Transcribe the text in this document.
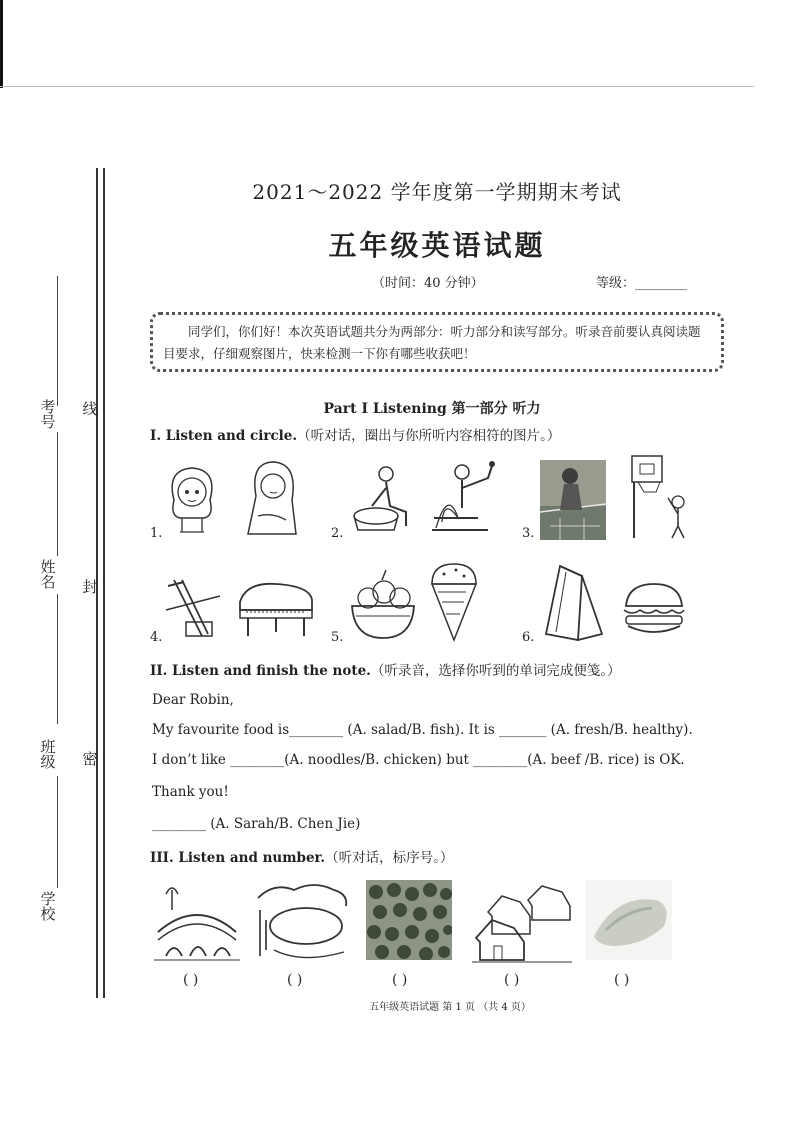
考号
姓名
班级
学校
线
封
密
2021～2022 学年度第一学期期末考试
五年级英语试题
（时间：40 分钟）	等级：________

同学们，你们好！本次英语试题共分为两部分：听力部分和读写部分。听录音前要认真阅读题目要求，仔细观察图片，快来检测一下你有哪些收获吧！

Part I Listening 第一部分 听力
I. Listen and circle.（听对话，圈出与你所听内容相符的图片。）
1.	2.	3.
4.	5.	6.
II. Listen and finish the note.（听录音，选择你听到的单词完成便笺。）
Dear Robin,
My favourite food is________ (A. salad/B. fish). It is _______ (A. fresh/B. healthy).
I don’t like ________(A. noodles/B. chicken) but ________(A. beef /B. rice) is OK.
Thank you!
________ (A. Sarah/B. Chen Jie)
III. Listen and number.（听对话，标序号。）
( )	( )	( )	( )	( )
五年级英语试题 第 1 页 （共 4 页）
